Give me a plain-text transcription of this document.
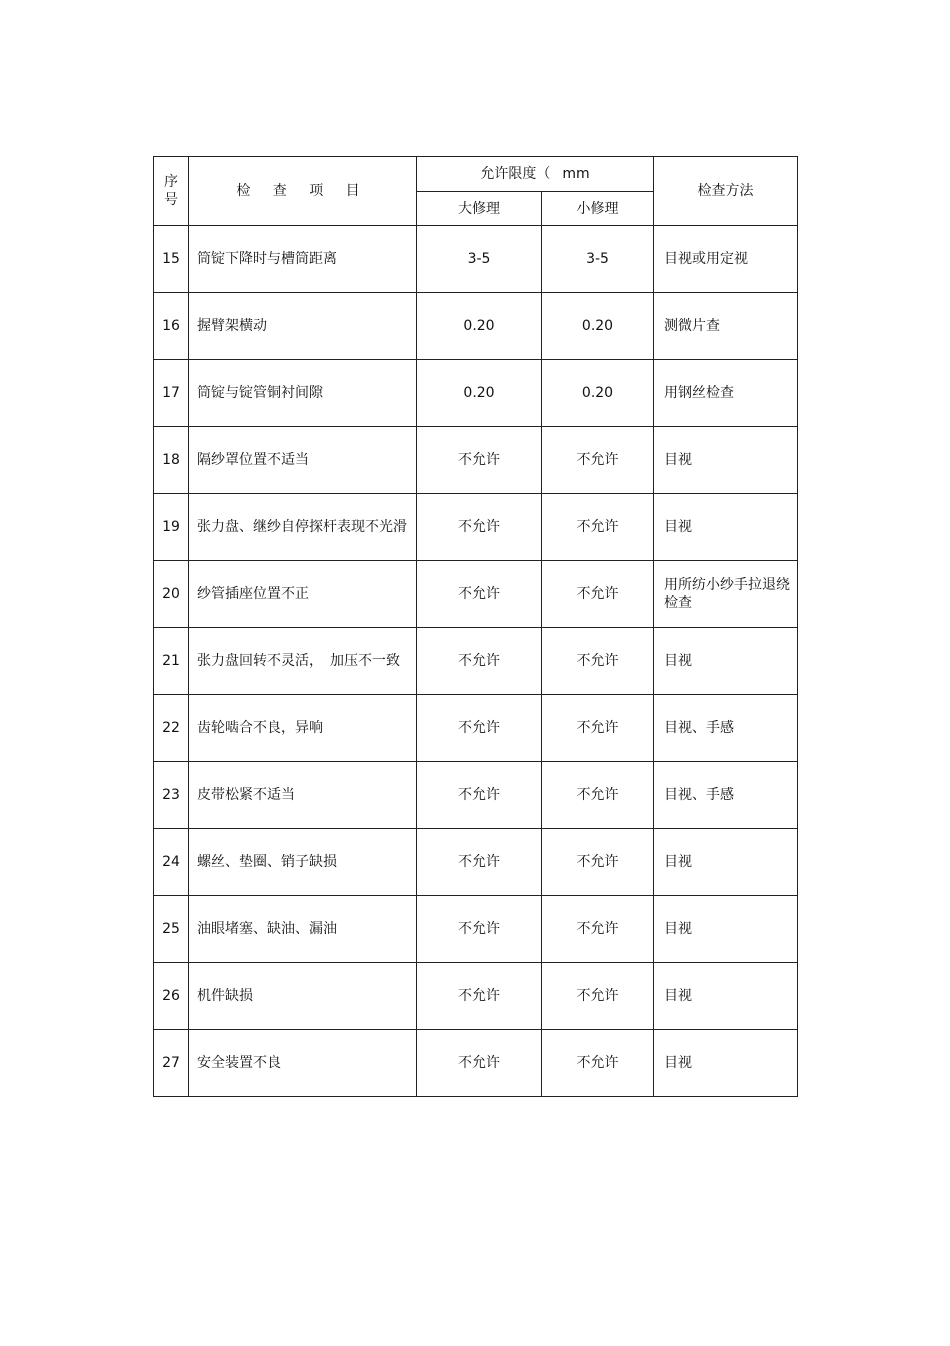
序
号	检 查 项 目	允许限度（ mm		检查方法
		大修理	小修理	
15	筒锭下降时与槽筒距离	3-5	3-5	目视或用定视
16	握臂架横动	0.20	0.20	测微片查
17	筒锭与锭管铜衬间隙	0.20	0.20	用钢丝检查
18	隔纱罩位置不适当	不允许	不允许	目视
19	张力盘、继纱自停探杆表现不光滑	不允许	不允许	目视
20	纱管插座位置不正	不允许	不允许	用所纺小纱手拉退绕检查
21	张力盘回转不灵活，　加压不一致	不允许	不允许	目视
22	齿轮啮合不良，异响	不允许	不允许	目视、手感
23	皮带松紧不适当	不允许	不允许	目视、手感
24	螺丝、垫圈、销子缺损	不允许	不允许	目视
25	油眼堵塞、缺油、漏油	不允许	不允许	目视
26	机件缺损	不允许	不允许	目视
27	安全装置不良	不允许	不允许	目视
